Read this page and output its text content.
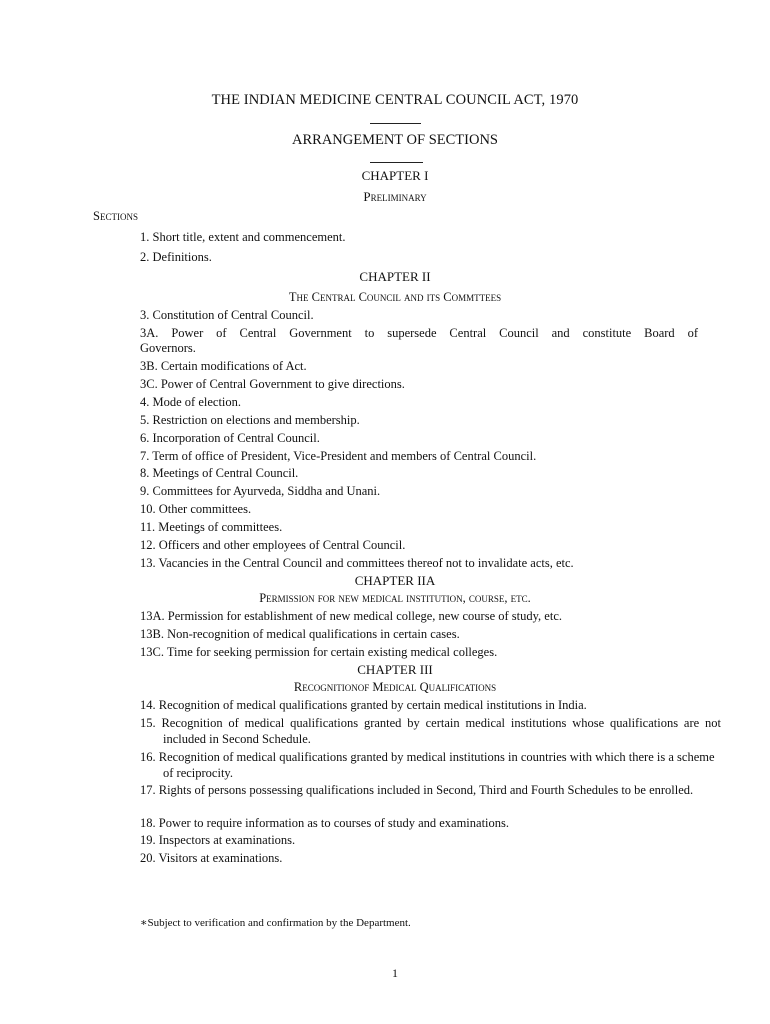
THE INDIAN MEDICINE CENTRAL COUNCIL ACT, 1970
ARRANGEMENT OF SECTIONS
CHAPTER I
Preliminary
Sections
1. Short title, extent and commencement.
2. Definitions.
CHAPTER II
The Central Council and its Commttees
3. Constitution of Central Council.
3A. Power of Central Government to supersede Central Council and constitute Board of
Governors.
3B. Certain modifications of Act.
3C. Power of Central Government to give directions.
4. Mode of election.
5. Restriction on elections and membership.
6. Incorporation of Central Council.
7. Term of office of President, Vice-President and members of Central Council.
8. Meetings of Central Council.
9. Committees for Ayurveda, Siddha and Unani.
10. Other committees.
11. Meetings of committees.
12. Officers and other employees of Central Council.
13. Vacancies in the Central Council and committees thereof not to invalidate acts, etc.
CHAPTER IIA
Permission for new medical institution, course, etc.
13A. Permission for establishment of new medical college, new course of study, etc.
13B. Non-recognition of medical qualifications in certain cases.
13C. Time for seeking permission for certain existing medical colleges.
CHAPTER III
Recognitionof Medical Qualifications
14. Recognition of medical qualifications granted by certain medical institutions in India.
15. Recognition of medical qualifications granted by certain medical institutions whose qualifications are not included in Second Schedule.
16. Recognition of medical qualifications granted by medical institutions in countries with which there is a scheme of reciprocity.
17. Rights of persons possessing qualifications included in Second, Third and Fourth Schedules to be enrolled.
18. Power to require information as to courses of study and examinations.
19. Inspectors at examinations.
20. Visitors at examinations.
∗Subject to verification and confirmation by the Department.
1
